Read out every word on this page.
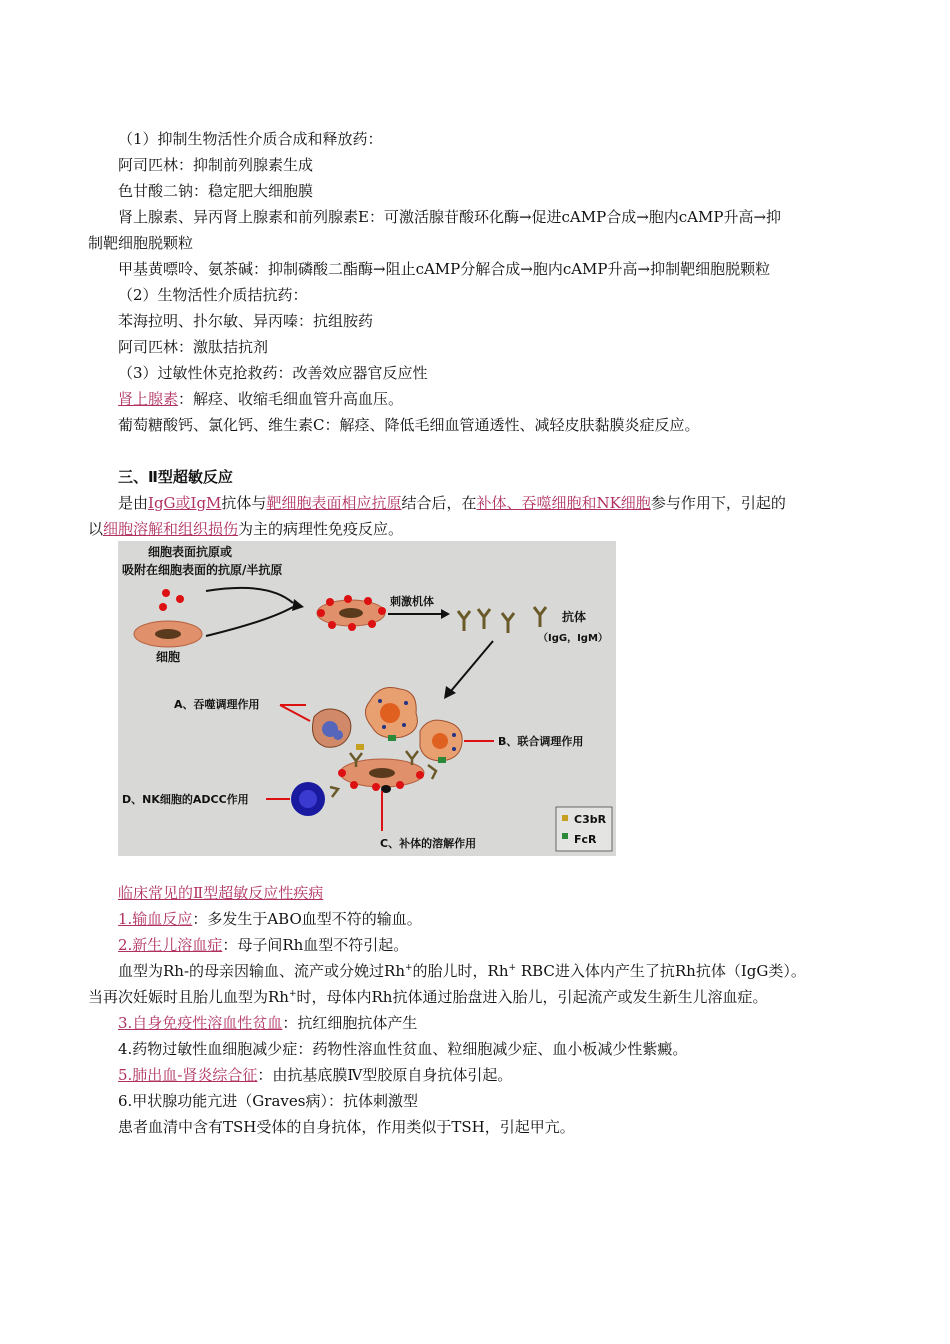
（1）抑制生物活性介质合成和释放药：
阿司匹林：抑制前列腺素生成
色甘酸二钠：稳定肥大细胞膜
肾上腺素、异丙肾上腺素和前列腺素E：可激活腺苷酸环化酶→促进cAMP合成→胞内cAMP升高→抑
制靶细胞脱颗粒
甲基黄嘌呤、氨茶碱：抑制磷酸二酯酶→阻止cAMP分解合成→胞内cAMP升高→抑制靶细胞脱颗粒
（2）生物活性介质拮抗药：
苯海拉明、扑尔敏、异丙嗪：抗组胺药
阿司匹林：激肽拮抗剂
（3）过敏性休克抢救药：改善效应器官反应性
肾上腺素：解痉、收缩毛细血管升高血压。
葡萄糖酸钙、氯化钙、维生素C：解痉、降低毛细血管通透性、减轻皮肤黏膜炎症反应。
三、Ⅱ型超敏反应
是由IgG或IgM抗体与靶细胞表面相应抗原结合后，在补体、吞噬细胞和NK细胞参与作用下，引起的
以细胞溶解和组织损伤为主的病理性免疫反应。
细胞表面抗原或
吸附在细胞表面的抗原/半抗原
细胞
刺激机体
抗体
（IgG，IgM）
A、吞噬调理作用
B、联合调理作用
D、NK细胞的ADCC作用
C、补体的溶解作用
C3bR
FcR
临床常见的Ⅱ型超敏反应性疾病
1.输血反应：多发生于ABO血型不符的输血。
2.新生儿溶血症：母子间Rh血型不符引起。
血型为Rh-的母亲因输血、流产或分娩过Rh+的胎儿时，Rh+ RBC进入体内产生了抗Rh抗体（IgG类）。
当再次妊娠时且胎儿血型为Rh+时，母体内Rh抗体通过胎盘进入胎儿，引起流产或发生新生儿溶血症。
3.自身免疫性溶血性贫血：抗红细胞抗体产生
4.药物过敏性血细胞减少症：药物性溶血性贫血、粒细胞减少症、血小板减少性紫癜。
5.肺出血-肾炎综合征：由抗基底膜Ⅳ型胶原自身抗体引起。
6.甲状腺功能亢进（Graves病）：抗体刺激型
患者血清中含有TSH受体的自身抗体，作用类似于TSH，引起甲亢。
